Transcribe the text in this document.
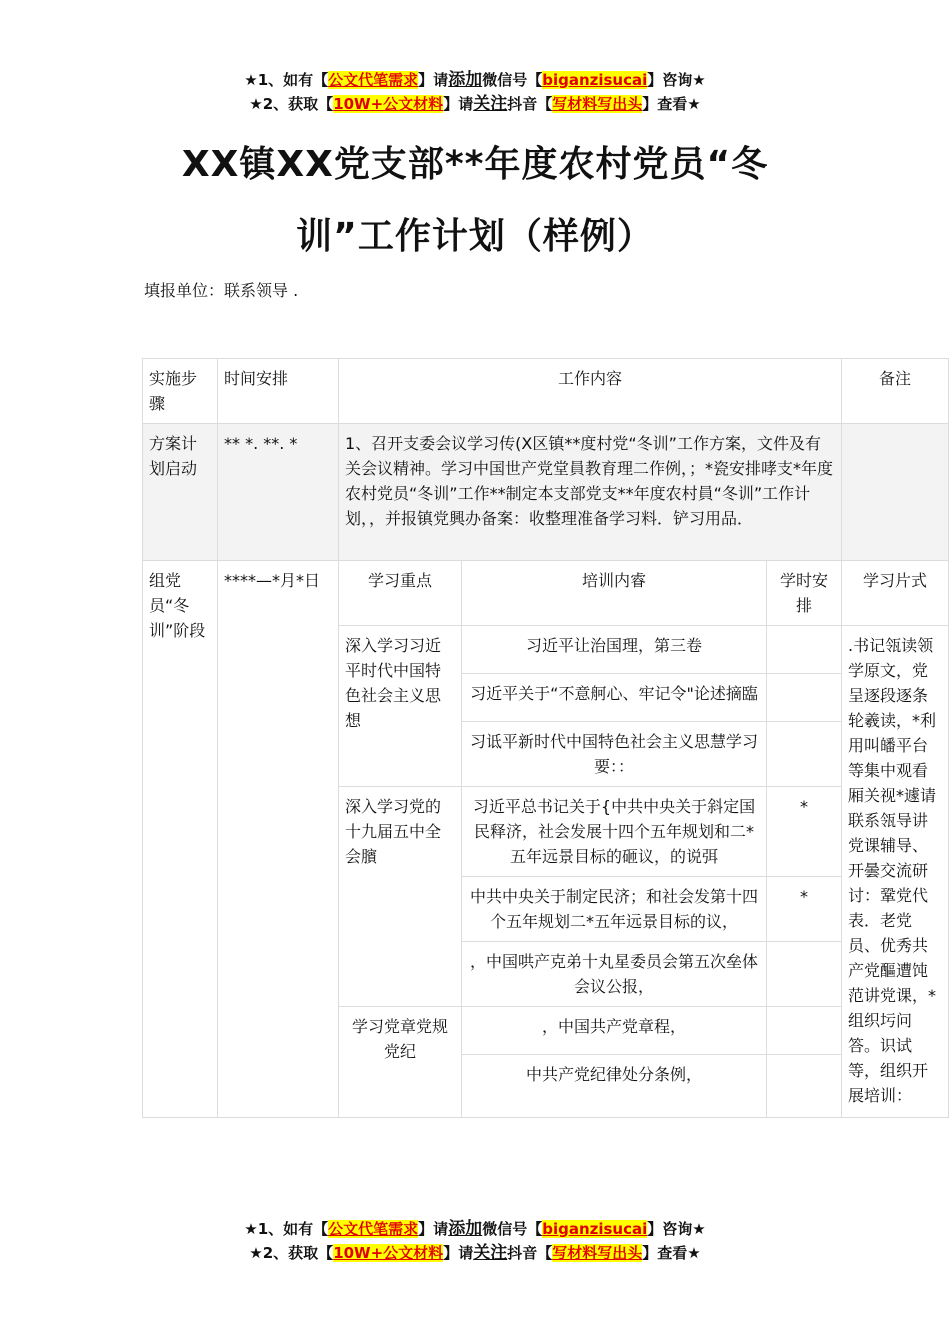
★1、如有【公文代笔需求】请添加微信号【biganzisucai】咨询★
★2、获取【10W+公文材料】请关注抖音【写材料写出头】查看★
XX镇XX党支部**年度农村党员“冬
训”工作计划（样例）
填报单位：联系领导 .
实施步骤	时间安排	工作内容			备注
方案计划启动	** *. **. *	1、召开支委会议学习传(X区镇**度村党“冬训”工作方案，文件及有关会议精神。学习中国世产党堂員教育理二作例，；*瓷安排哮支*年度农村党员“冬训”工作**制定本支部党支**年度农村員“冬训”工作计划，，并报镇党興办备案：收整理准备学习料．铲习用品．			
组党员“冬训”阶段	****—*月*日	学习重点	培训内睿	学时安排	学习片式
		深入学习习近平时代中国特色社会主义思想	习近平让治国理，第三卷		.书记瓴读领学原文，党呈逐段逐条轮羲读，*利用叫皤平台等集中观看厢关视*遽请联系瓴导讲党课辅导、开曇交流研讨：鞏党代表．老党员、优秀共产党醧遭饨范讲党课，*组织圬问答。识试等，组织开展培训：
			习近平关于“不意舸心、牢记令"论述摘臨		
			习诋平新时代中国特色社会主义思慧学习要：：		
		深入学习党的十九届五中全会臏	习近平总书记关于{中共中央关于斜定国民释济，社会发展十四个五年规划和二*五年远景目标的砸议，的说弭	*	
			中共中央关于制定民济；和社会发第十四个五年规划二*五年远景目标的议，	*	
			，中国哄产克弟十丸星委员会第五次垒体会议公报，		
		学习党章党规党纪	，中国共产党章程，		
			中共产党纪律处分条例，		
★1、如有【公文代笔需求】请添加微信号【biganzisucai】咨询★
★2、获取【10W+公文材料】请关注抖音【写材料写出头】查看★
